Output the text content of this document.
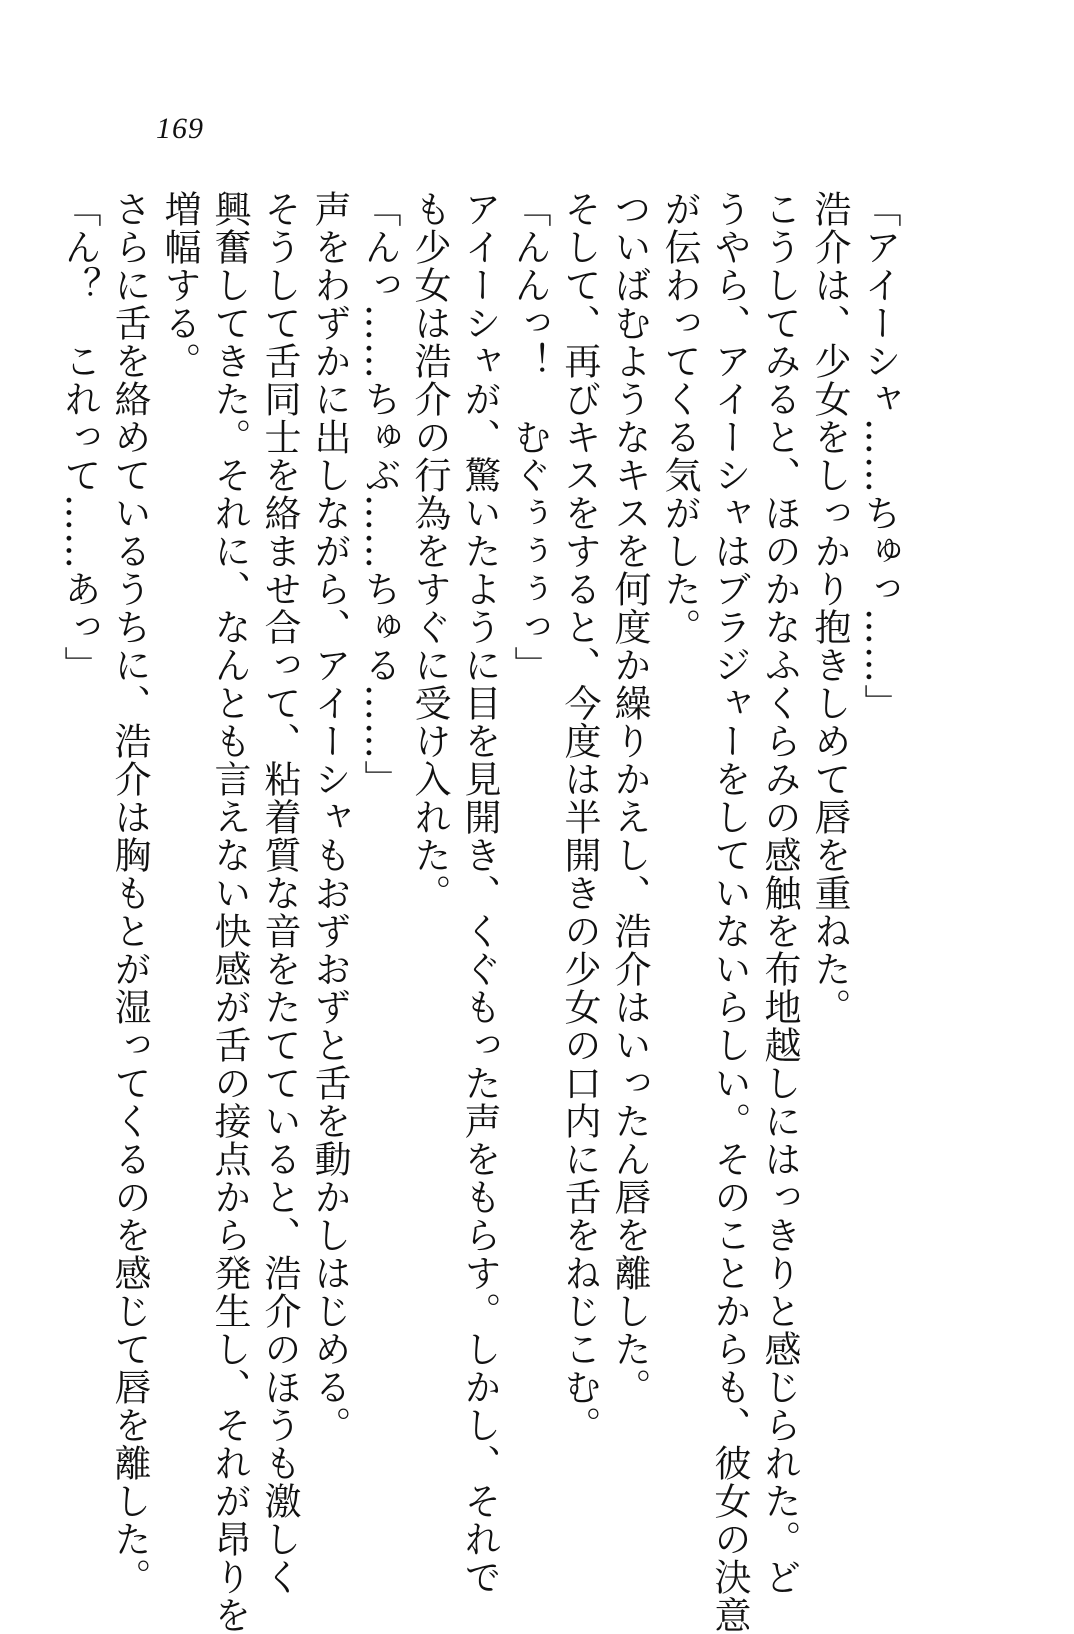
169
「アイーシャ……ちゅっ……」
浩介は、少女をしっかり抱きしめて唇を重ねた。
こうしてみると、ほのかなふくらみの感触を布地越しにはっきりと感じられた。ど
うやら、アイーシャはブラジャーをしていないらしい。そのことからも、彼女の決意
が伝わってくる気がした。
ついばむようなキスを何度か繰りかえし、浩介はいったん唇を離した。
そして、再びキスをすると、今度は半開きの少女の口内に舌をねじこむ。
「んんっ！　むぐぅぅぅっ」
アイーシャが、驚いたように目を見開き、くぐもった声をもらす。しかし、それで
も少女は浩介の行為をすぐに受け入れた。
「んっ……ちゅぶ……ちゅる……」
声をわずかに出しながら、アイーシャもおずおずと舌を動かしはじめる。
そうして舌同士を絡ませ合って、粘着質な音をたてていると、浩介のほうも激しく
興奮してきた。それに、なんとも言えない快感が舌の接点から発生し、それが昂りを
増幅する。
さらに舌を絡めているうちに、浩介は胸もとが湿ってくるのを感じて唇を離した。
「ん？　これって……あっ」
